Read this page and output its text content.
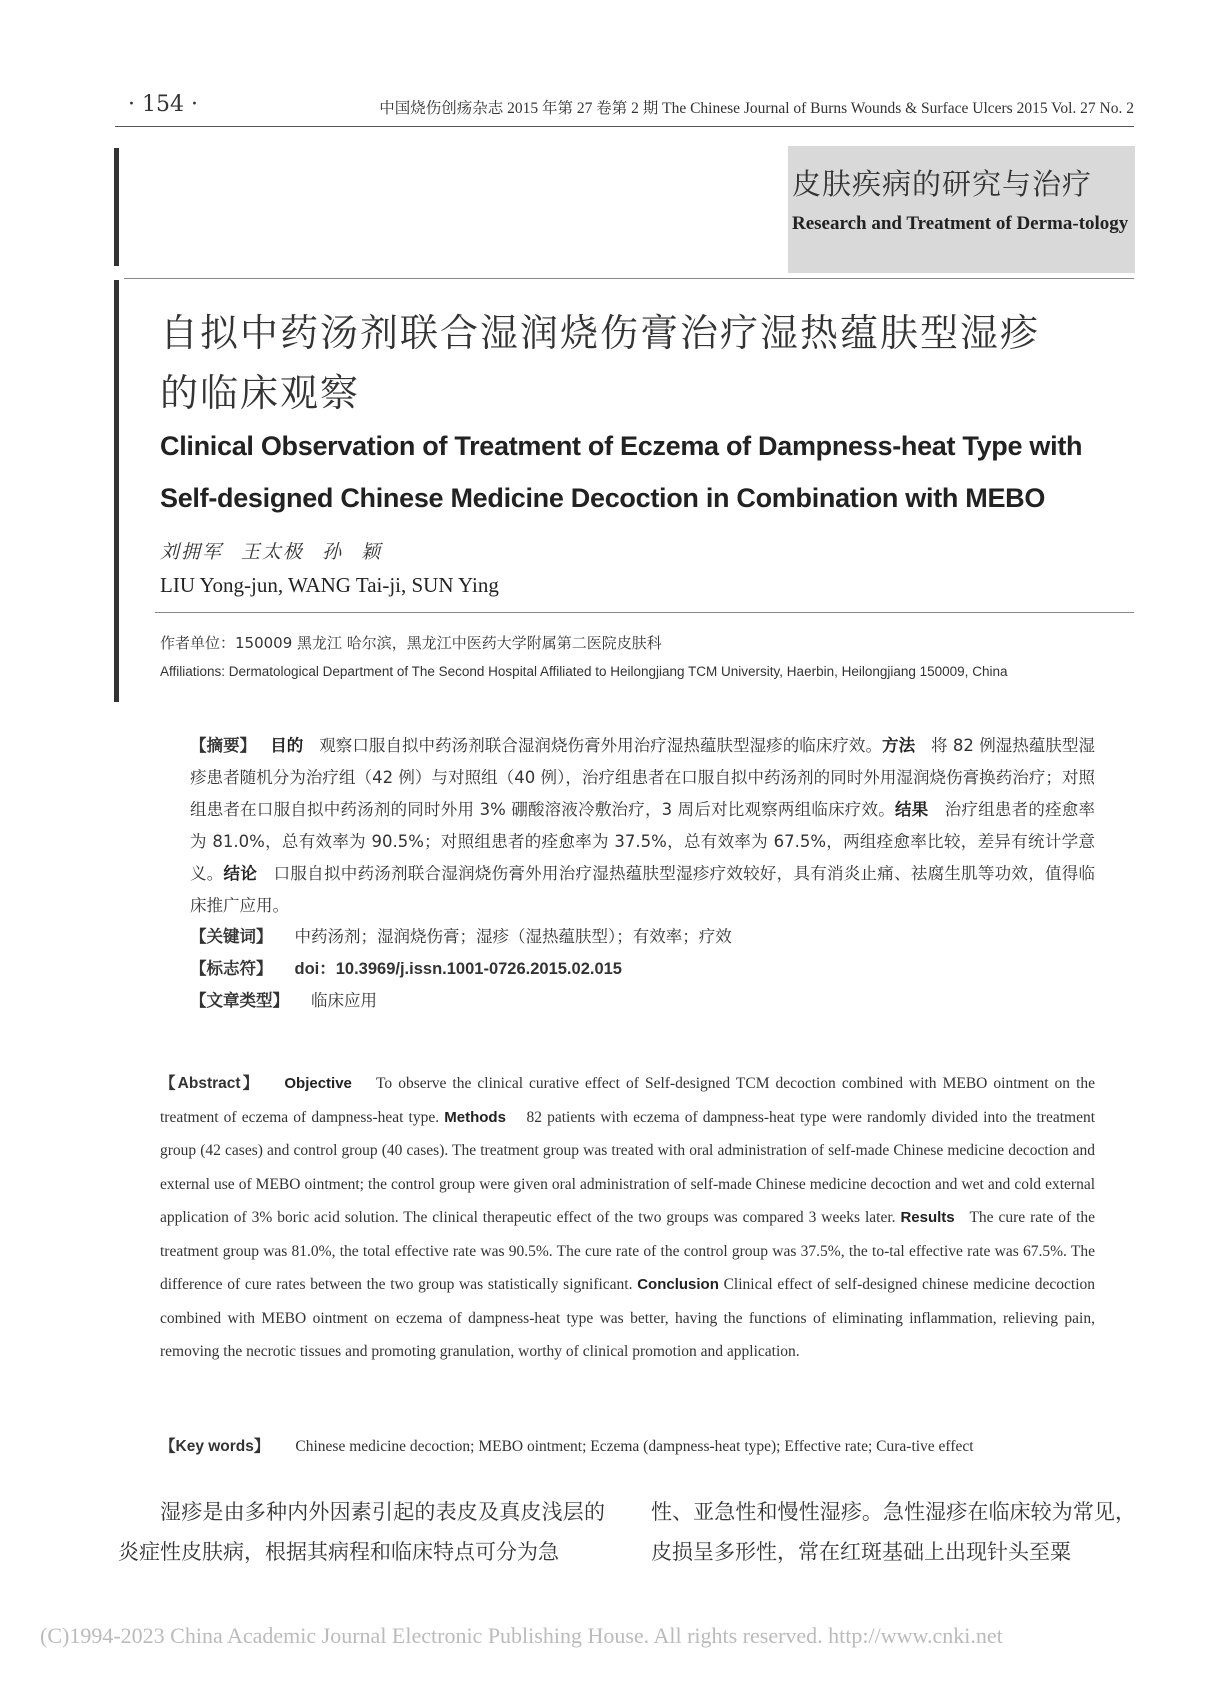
· 154 ·	中国烧伤创疡杂志 2015 年第 27 卷第 2 期 The Chinese Journal of Burns Wounds & Surface Ulcers 2015 Vol. 27 No. 2
皮肤疾病的研究与治疗
Research and Treatment of Derma-tology
自拟中药汤剂联合湿润烧伤膏治疗湿热蕴肤型湿疹的临床观察
Clinical Observation of Treatment of Eczema of Dampness-heat Type with Self-designed Chinese Medicine Decoction in Combination with MEBO
刘拥军 王太极 孙 颖
LIU Yong-jun, WANG Tai-ji, SUN Ying
作者单位：150009 黑龙江 哈尔滨，黑龙江中医药大学附属第二医院皮肤科
Affiliations: Dermatological Department of The Second Hospital Affiliated to Heilongjiang TCM University, Haerbin, Heilongjiang 150009, China
【摘要】 目的 观察口服自拟中药汤剂联合湿润烧伤膏外用治疗湿热蕴肤型湿疹的临床疗效。方法 将 82 例湿热蕴肤型湿疹患者随机分为治疗组（42 例）与对照组（40 例），治疗组患者在口服自拟中药汤剂的同时外用湿润烧伤膏换药治疗；对照组患者在口服自拟中药汤剂的同时外用 3% 硼酸溶液冷敷治疗，3 周后对比观察两组临床疗效。结果 治疗组患者的痊愈率为 81.0%，总有效率为 90.5%；对照组患者的痊愈率为 37.5%，总有效率为 67.5%，两组痊愈率比较，差异有统计学意义。结论 口服自拟中药汤剂联合湿润烧伤膏外用治疗湿热蕴肤型湿疹疗效较好，具有消炎止痛、祛腐生肌等功效，值得临床推广应用。
【关键词】 中药汤剂；湿润烧伤膏；湿疹（湿热蕴肤型）；有效率；疗效
【标志符】 doi：10.3969/j.issn.1001-0726.2015.02.015
【文章类型】 临床应用
【Abstract】 Objective To observe the clinical curative effect of Self-designed TCM decoction combined with MEBO ointment on the treatment of eczema of dampness-heat type. Methods 82 patients with eczema of dampness-heat type were randomly divided into the treatment group (42 cases) and control group (40 cases). The treatment group was treated with oral administration of self-made Chinese medicine decoction and external use of MEBO ointment; the control group were given oral administration of self-made Chinese medicine decoction and wet and cold external application of 3% boric acid solution. The clinical therapeutic effect of the two groups was compared 3 weeks later. Results The cure rate of the treatment group was 81.0%, the total effective rate was 90.5%. The cure rate of the control group was 37.5%, the to-tal effective rate was 67.5%. The difference of cure rates between the two group was statistically significant. Conclusion Clinical effect of self-designed chinese medicine decoction combined with MEBO ointment on eczema of dampness-heat type was better, having the functions of eliminating inflammation, relieving pain, removing the necrotic tissues and promoting granulation, worthy of clinical promotion and application.
【Key words】 Chinese medicine decoction; MEBO ointment; Eczema (dampness-heat type); Effective rate; Cura-tive effect
湿疹是由多种内外因素引起的表皮及真皮浅层的炎症性皮肤病，根据其病程和临床特点可分为急
性、亚急性和慢性湿疹。急性湿疹在临床较为常见，皮损呈多形性，常在红斑基础上出现针头至粟
(C)1994-2023 China Academic Journal Electronic Publishing House. All rights reserved. http://www.cnki.net
